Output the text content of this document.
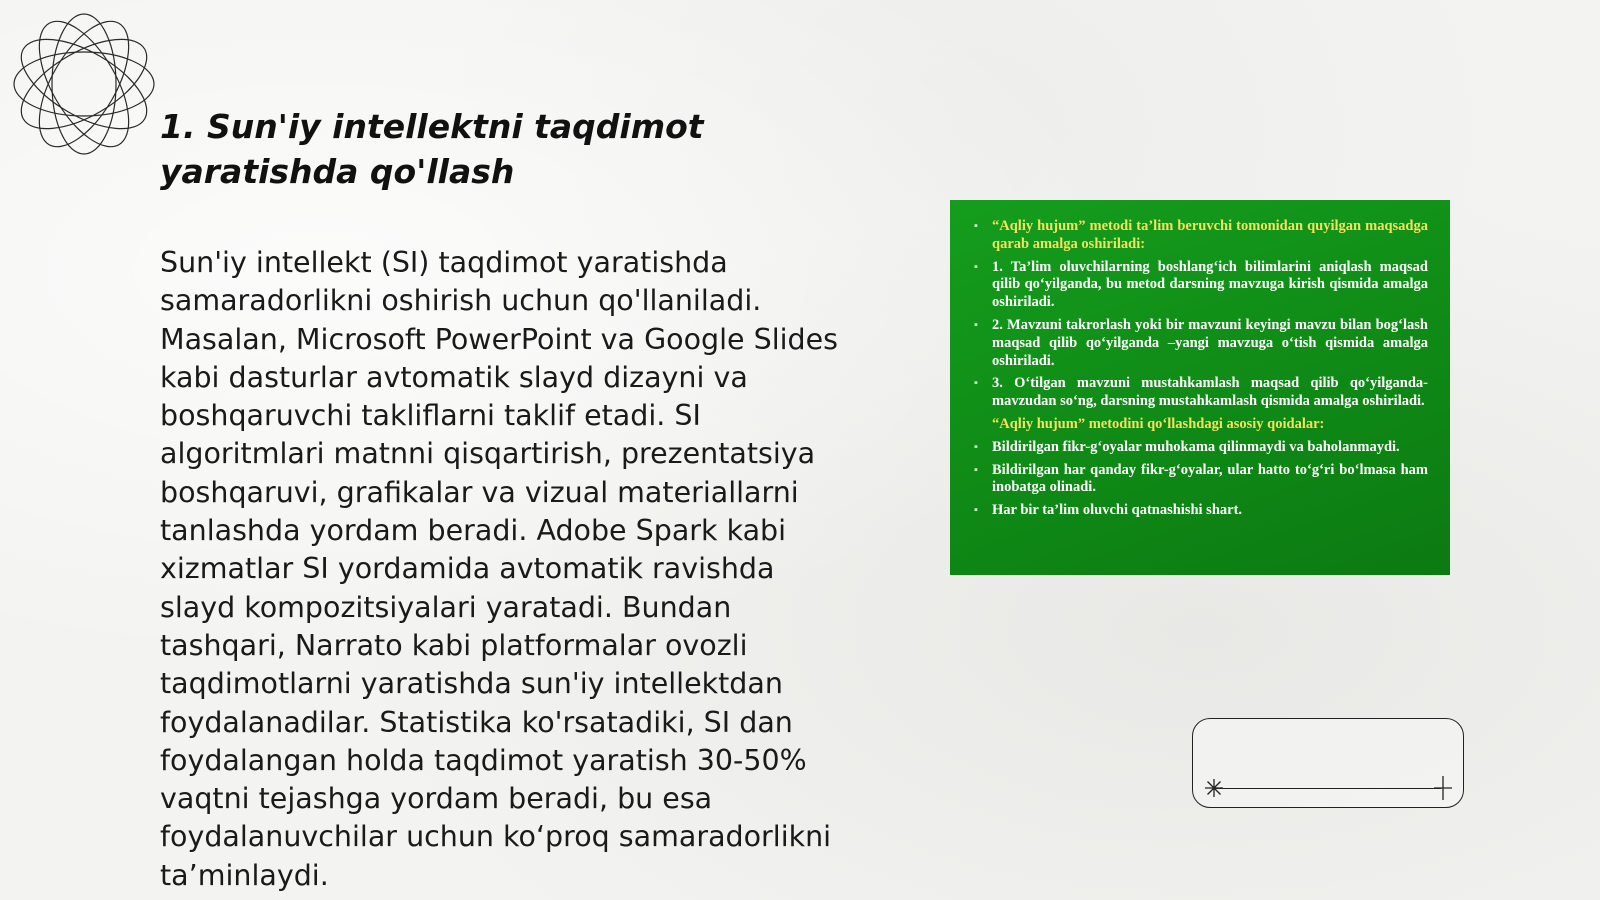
1. Sun'iy intellektni taqdimot yaratishda qo'llash

Sun'iy intellekt (SI) taqdimot yaratishda samaradorlikni oshirish uchun qo'llaniladi. Masalan, Microsoft PowerPoint va Google Slides kabi dasturlar avtomatik slayd dizayni va boshqaruvchi takliflarni taklif etadi. SI algoritmlari matnni qisqartirish, prezentatsiya boshqaruvi, grafikalar va vizual materiallarni tanlashda yordam beradi. Adobe Spark kabi xizmatlar SI yordamida avtomatik ravishda slayd kompozitsiyalari yaratadi. Bundan tashqari, Narrato kabi platformalar ovozli taqdimotlarni yaratishda sun'iy intellektdan foydalanadilar. Statistika ko'rsatadiki, SI dan foydalangan holda taqdimot yaratish 30-50% vaqtni tejashga yordam beradi, bu esa foydalanuvchilar uchun ko‘proq samaradorlikni ta’minlaydi.

▪ “Aqliy hujum” metodi ta’lim beruvchi tomonidan quyilgan maqsadga qarab amalga oshiriladi:
▪ 1. Ta’lim oluvchilarning boshlang‘ich bilimlarini aniqlash maqsad qilib qo‘yilganda, bu metod darsning mavzuga kirish qismida amalga oshiriladi.
▪ 2. Mavzuni takrorlash yoki bir mavzuni keyingi mavzu bilan bog‘lash maqsad qilib qo‘yilganda –yangi mavzuga o‘tish qismida amalga oshiriladi.
▪ 3. O‘tilgan mavzuni mustahkamlash maqsad qilib qo‘yilganda-mavzudan so‘ng, darsning mustahkamlash qismida amalga oshiriladi.
“Aqliy hujum” metodini qo‘llashdagi asosiy qoidalar:
▪ Bildirilgan fikr-g‘oyalar muhokama qilinmaydi va baholanmaydi.
▪ Bildirilgan har qanday fikr-g‘oyalar, ular hatto to‘g‘ri bo‘lmasa ham inobatga olinadi.
▪ Har bir ta’lim oluvchi qatnashishi shart.
